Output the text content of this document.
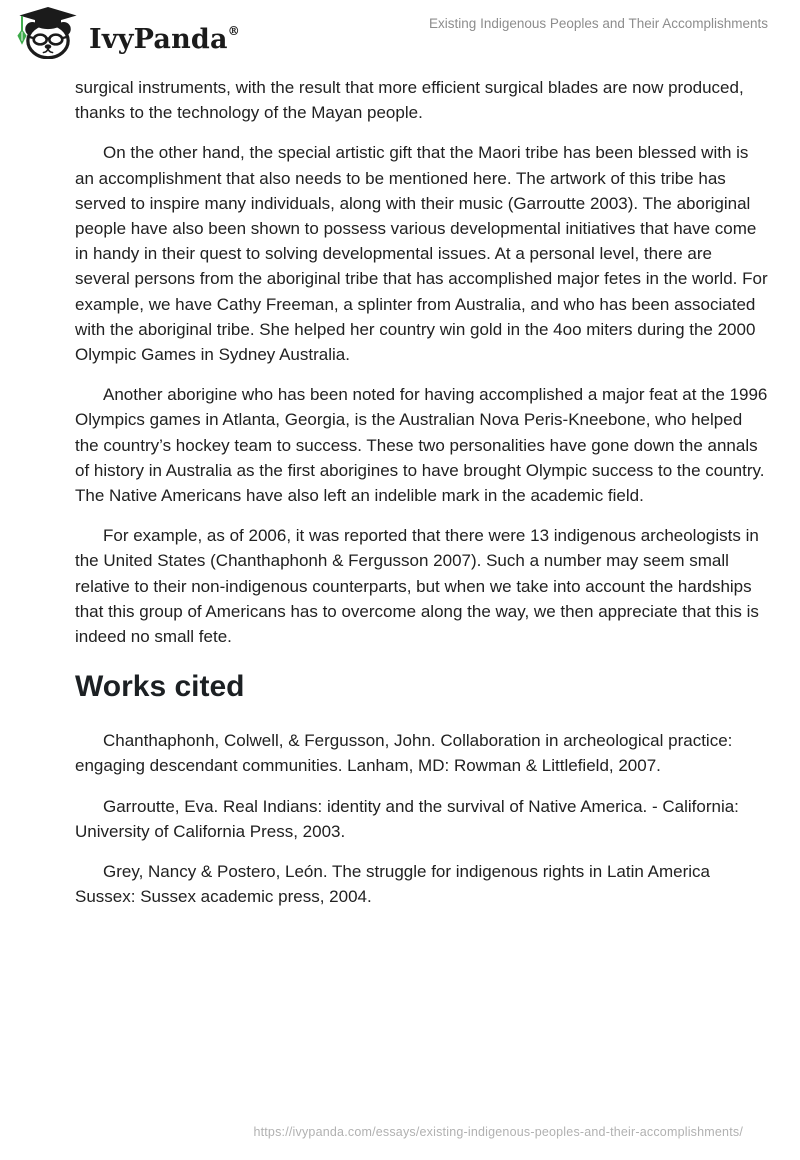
IvyPanda®	Existing Indigenous Peoples and Their Accomplishments

surgical instruments, with the result that more efficient surgical blades are now produced, thanks to the technology of the Mayan people.

On the other hand, the special artistic gift that the Maori tribe has been blessed with is an accomplishment that also needs to be mentioned here. The artwork of this tribe has served to inspire many individuals, along with their music (Garroutte 2003). The aboriginal people have also been shown to possess various developmental initiatives that have come in handy in their quest to solving developmental issues. At a personal level, there are several persons from the aboriginal tribe that has accomplished major fetes in the world. For example, we have Cathy Freeman, a splinter from Australia, and who has been associated with the aboriginal tribe. She helped her country win gold in the 4oo miters during the 2000 Olympic Games in Sydney Australia.

Another aborigine who has been noted for having accomplished a major feat at the 1996 Olympics games in Atlanta, Georgia, is the Australian Nova Peris-Kneebone, who helped the country’s hockey team to success. These two personalities have gone down the annals of history in Australia as the first aborigines to have brought Olympic success to the country. The Native Americans have also left an indelible mark in the academic field.

For example, as of 2006, it was reported that there were 13 indigenous archeologists in the United States (Chanthaphonh & Fergusson 2007). Such a number may seem small relative to their non-indigenous counterparts, but when we take into account the hardships that this group of Americans has to overcome along the way, we then appreciate that this is indeed no small fete.

Works cited

Chanthaphonh, Colwell, & Fergusson, John. Collaboration in archeological practice: engaging descendant communities. Lanham, MD: Rowman & Littlefield, 2007.

Garroutte, Eva. Real Indians: identity and the survival of Native America. - California: University of California Press, 2003.

Grey, Nancy & Postero, León. The struggle for indigenous rights in Latin America Sussex: Sussex academic press, 2004.

https://ivypanda.com/essays/existing-indigenous-peoples-and-their-accomplishments/
